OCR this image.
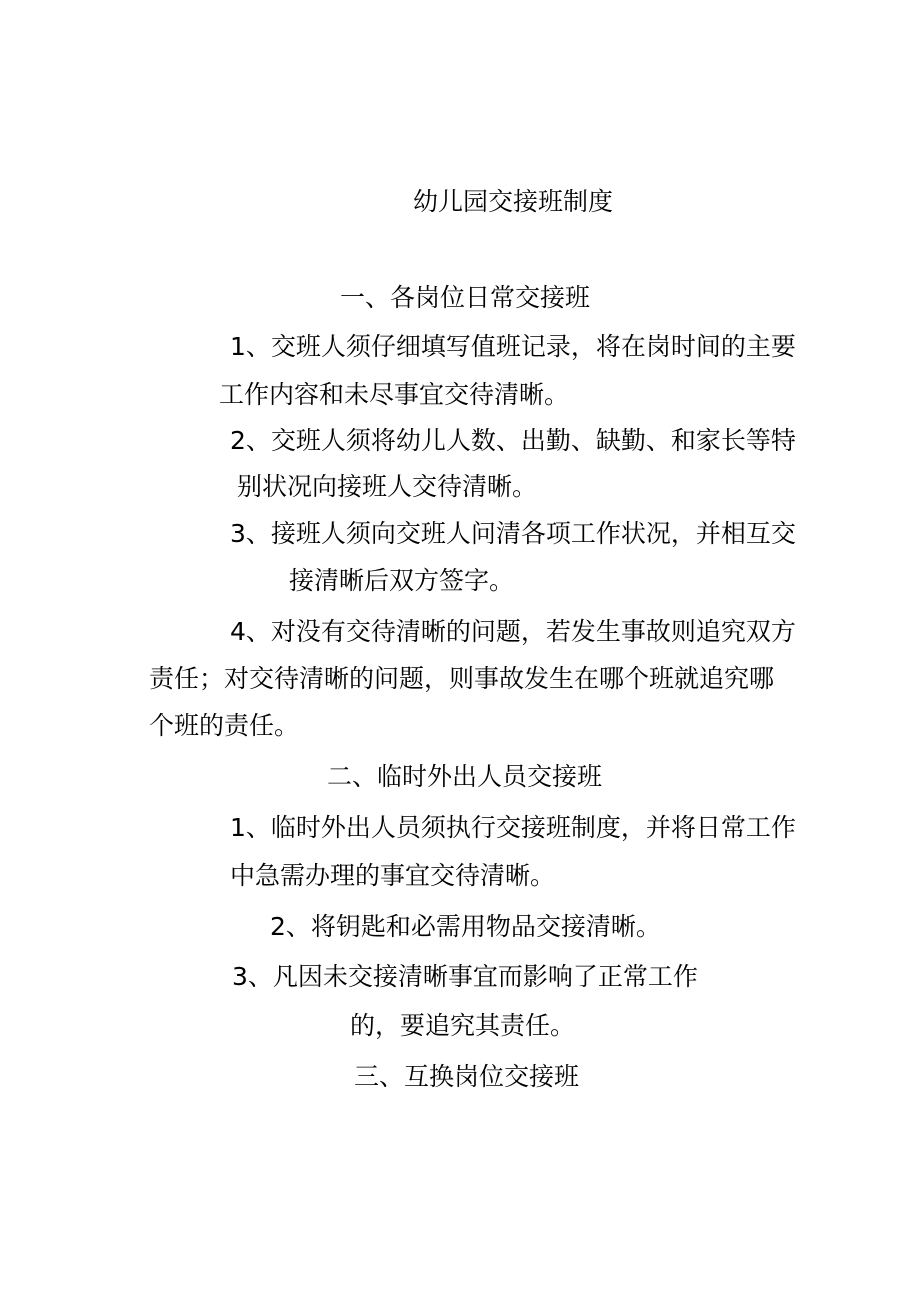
幼儿园交接班制度
一、各岗位日常交接班
1、交班人须仔细填写值班记录，将在岗时间的主要
工作内容和未尽事宜交待清晰。
2、交班人须将幼儿人数、出勤、缺勤、和家长等特
别状况向接班人交待清晰。
3、接班人须向交班人问清各项工作状况，并相互交
接清晰后双方签字。
4、对没有交待清晰的问题，若发生事故则追究双方
责任；对交待清晰的问题，则事故发生在哪个班就追究哪
个班的责任。
二、临时外出人员交接班
1、临时外出人员须执行交接班制度，并将日常工作
中急需办理的事宜交待清晰。
2、将钥匙和必需用物品交接清晰。
3、凡因未交接清晰事宜而影响了正常工作
的，要追究其责任。
三、互换岗位交接班
